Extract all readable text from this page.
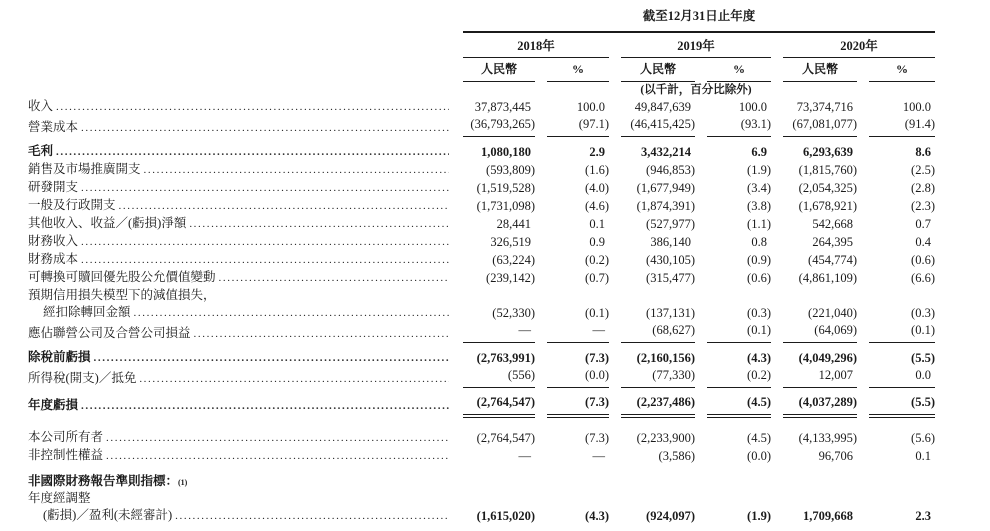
截至12月31日止年度
2018年	2019年	2020年
人民幣	%	人民幣	%	人民幣	%
(以千計，百分比除外)
收入 .....	37,873,445	100.0	49,847,639	100.0	73,374,716	100.0
營業成本 .....	(36,793,265)	(97.1)	(46,415,425)	(93.1)	(67,081,077)	(91.4)
毛利 .....	1,080,180	2.9	3,432,214	6.9	6,293,639	8.6
銷售及市場推廣開支 .....	(593,809)	(1.6)	(946,853)	(1.9)	(1,815,760)	(2.5)
研發開支 .....	(1,519,528)	(4.0)	(1,677,949)	(3.4)	(2,054,325)	(2.8)
一般及行政開支 .....	(1,731,098)	(4.6)	(1,874,391)	(3.8)	(1,678,921)	(2.3)
其他收入、收益／(虧損)淨額 .....	28,441	0.1	(527,977)	(1.1)	542,668	0.7
財務收入 .....	326,519	0.9	386,140	0.8	264,395	0.4
財務成本 .....	(63,224)	(0.2)	(430,105)	(0.9)	(454,774)	(0.6)
可轉換可贖回優先股公允價值變動 .....	(239,142)	(0.7)	(315,477)	(0.6)	(4,861,109)	(6.6)
預期信用損失模型下的減值損失，
經扣除轉回金額 .....	(52,330)	(0.1)	(137,131)	(0.3)	(221,040)	(0.3)
應佔聯營公司及合營公司損益 .....	—	—	(68,627)	(0.1)	(64,069)	(0.1)
除稅前虧損 .....	(2,763,991)	(7.3)	(2,160,156)	(4.3)	(4,049,296)	(5.5)
所得稅(開支)／抵免 .....	(556)	(0.0)	(77,330)	(0.2)	12,007	0.0
年度虧損 .....	(2,764,547)	(7.3)	(2,237,486)	(4.5)	(4,037,289)	(5.5)
本公司所有者 .....	(2,764,547)	(7.3)	(2,233,900)	(4.5)	(4,133,995)	(5.6)
非控制性權益 .....	—	—	(3,586)	(0.0)	96,706	0.1
非國際財務報告準則指標： (1)
年度經調整
(虧損)／盈利(未經審計) .....	(1,615,020)	(4.3)	(924,097)	(1.9)	1,709,668	2.3
